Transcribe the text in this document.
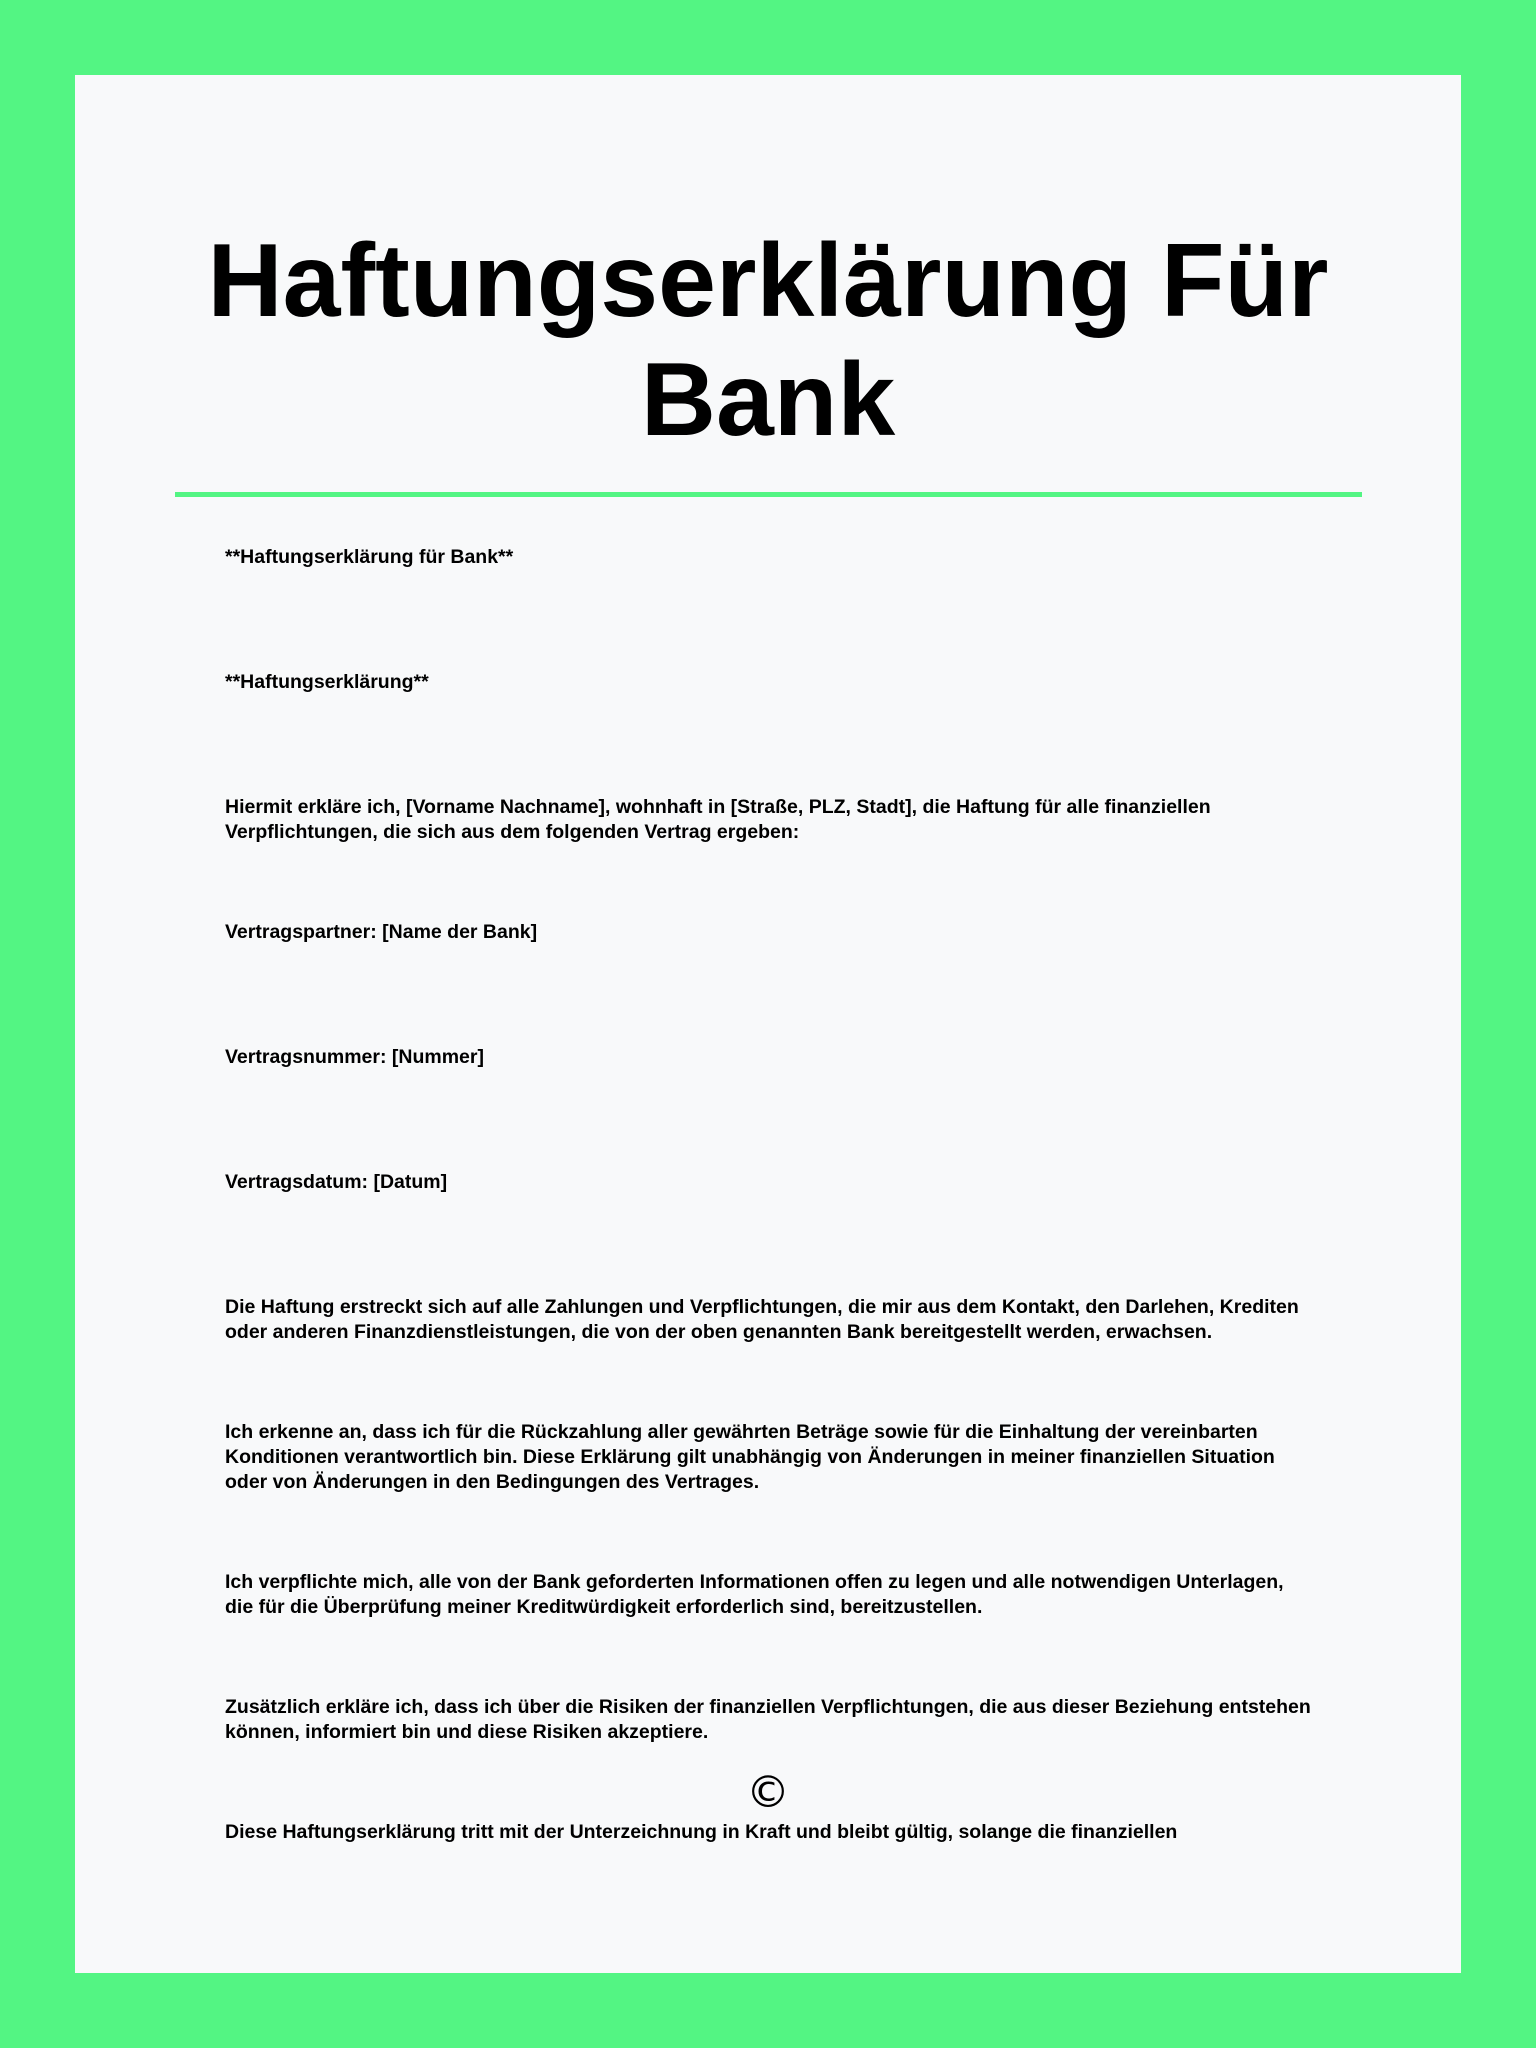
Haftungserklärung Für Bank

**Haftungserklärung für Bank**

**Haftungserklärung**

Hiermit erkläre ich, [Vorname Nachname], wohnhaft in [Straße, PLZ, Stadt], die Haftung für alle finanziellen Verpflichtungen, die sich aus dem folgenden Vertrag ergeben:

Vertragspartner: [Name der Bank]

Vertragsnummer: [Nummer]

Vertragsdatum: [Datum]

Die Haftung erstreckt sich auf alle Zahlungen und Verpflichtungen, die mir aus dem Kontakt, den Darlehen, Krediten oder anderen Finanzdienstleistungen, die von der oben genannten Bank bereitgestellt werden, erwachsen.

Ich erkenne an, dass ich für die Rückzahlung aller gewährten Beträge sowie für die Einhaltung der vereinbarten Konditionen verantwortlich bin. Diese Erklärung gilt unabhängig von Änderungen in meiner finanziellen Situation oder von Änderungen in den Bedingungen des Vertrages.

Ich verpflichte mich, alle von der Bank geforderten Informationen offen zu legen und alle notwendigen Unterlagen, die für die Überprüfung meiner Kreditwürdigkeit erforderlich sind, bereitzustellen.

Zusätzlich erkläre ich, dass ich über die Risiken der finanziellen Verpflichtungen, die aus dieser Beziehung entstehen können, informiert bin und diese Risiken akzeptiere.

Diese Haftungserklärung tritt mit der Unterzeichnung in Kraft und bleibt gültig, solange die finanziellen

©
